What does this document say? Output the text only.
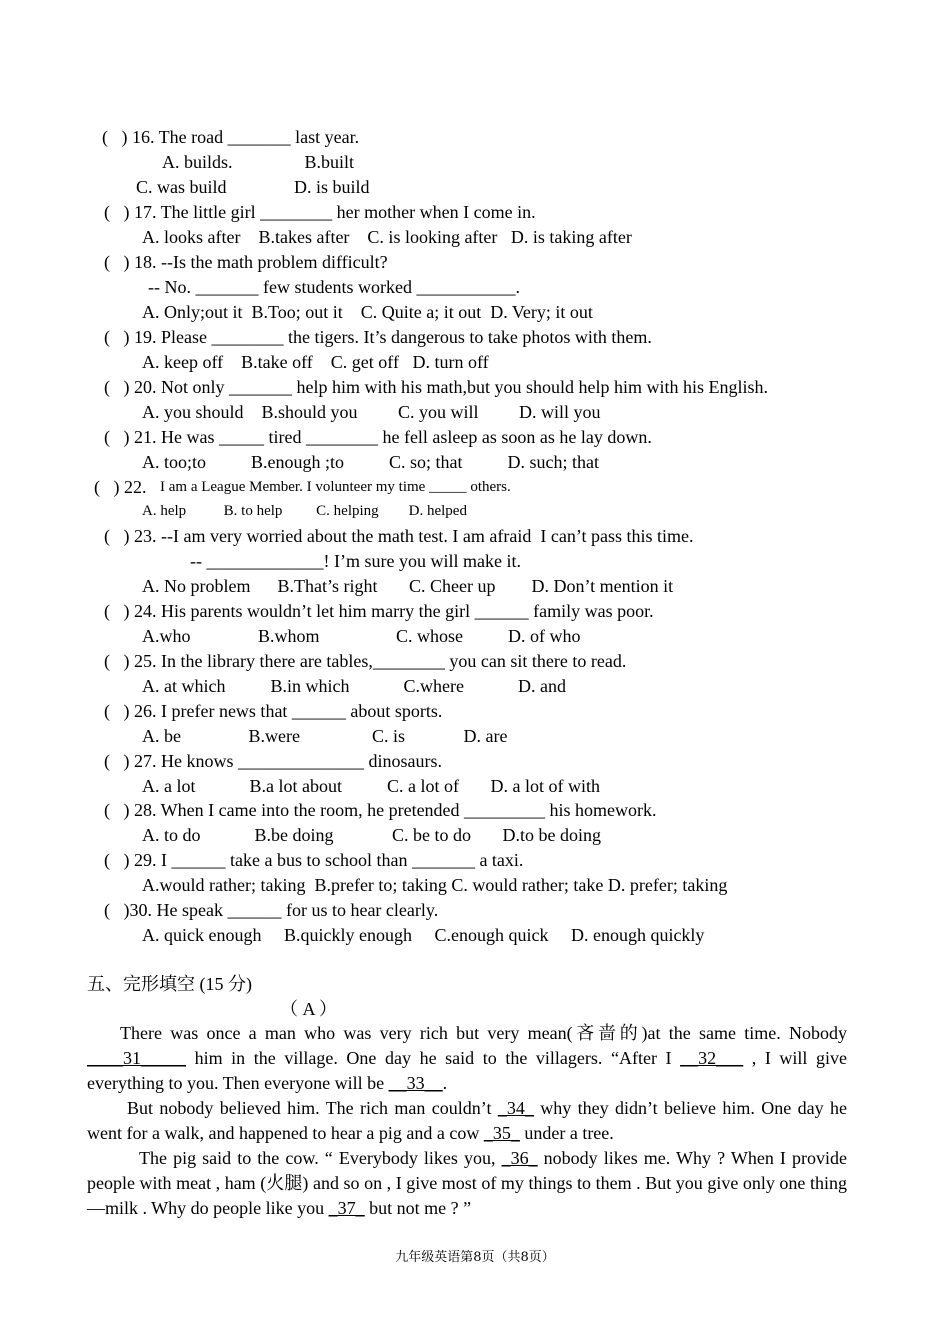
(   ) 16. The road _______ last year.
A. builds.                B.built
C. was build               D. is build
(   ) 17. The little girl ________ her mother when I come in.
A. looks after    B.takes after    C. is looking after   D. is taking after
(   ) 18. --Is the math problem difficult?
-- No. _______ few students worked ___________.
A. Only;out it  B.Too; out it    C. Quite a; it out  D. Very; it out
(   ) 19. Please ________ the tigers. It’s dangerous to take photos with them.
A. keep off    B.take off    C. get off   D. turn off
(   ) 20. Not only _______ help him with his math,but you should help him with his English.
A. you should    B.should you         C. you will         D. will you
(   ) 21. He was _____ tired ________ he fell asleep as soon as he lay down.
A. too;to          B.enough ;to          C. so; that          D. such; that
(   ) 22. I am a League Member. I volunteer my time _____ others.
A. help          B. to help         C. helping        D. helped
(   ) 23. --I am very worried about the math test. I am afraid  I can’t pass this time.
-- _____________! I’m sure you will make it.
A. No problem      B.That’s right       C. Cheer up        D. Don’t mention it
(   ) 24. His parents wouldn’t let him marry the girl ______ family was poor.
A.who               B.whom                 C. whose          D. of who
(   ) 25. In the library there are tables,________ you can sit there to read.
A. at which          B.in which            C.where            D. and
(   ) 26. I prefer news that ______ about sports.
A. be               B.were                C. is             D. are
(   ) 27. He knows ______________ dinosaurs.
A. a lot            B.a lot about          C. a lot of       D. a lot of with
(   ) 28. When I came into the room, he pretended _________ his homework.
A. to do            B.be doing             C. be to do       D.to be doing
(   ) 29. I ______ take a bus to school than _______ a taxi.
A.would rather; taking  B.prefer to; taking C. would rather; take D. prefer; taking
(   )30. He speak ______ for us to hear clearly.
A. quick enough     B.quickly enough     C.enough quick     D. enough quickly
五、完形填空 (15 分)
（ A ）
There was once a man who was very rich but very mean(吝啬的)at the same time. Nobody ____31_____ him in the village. One day he said to the villagers. “After I __32___ , I will give everything to you. Then everyone will be __33__.
But nobody believed him. The rich man couldn’t _34_ why they didn’t believe him. One day he went for a walk, and happened to hear a pig and a cow _35_ under a tree.
The pig said to the cow. “ Everybody likes you, _36_ nobody likes me. Why ? When I provide people with meat , ham (火腿) and so on , I give most of my things to them . But you give only one thing —milk . Why do people like you _37_ but not me ? ”
九年级英语第8页（共8页）
